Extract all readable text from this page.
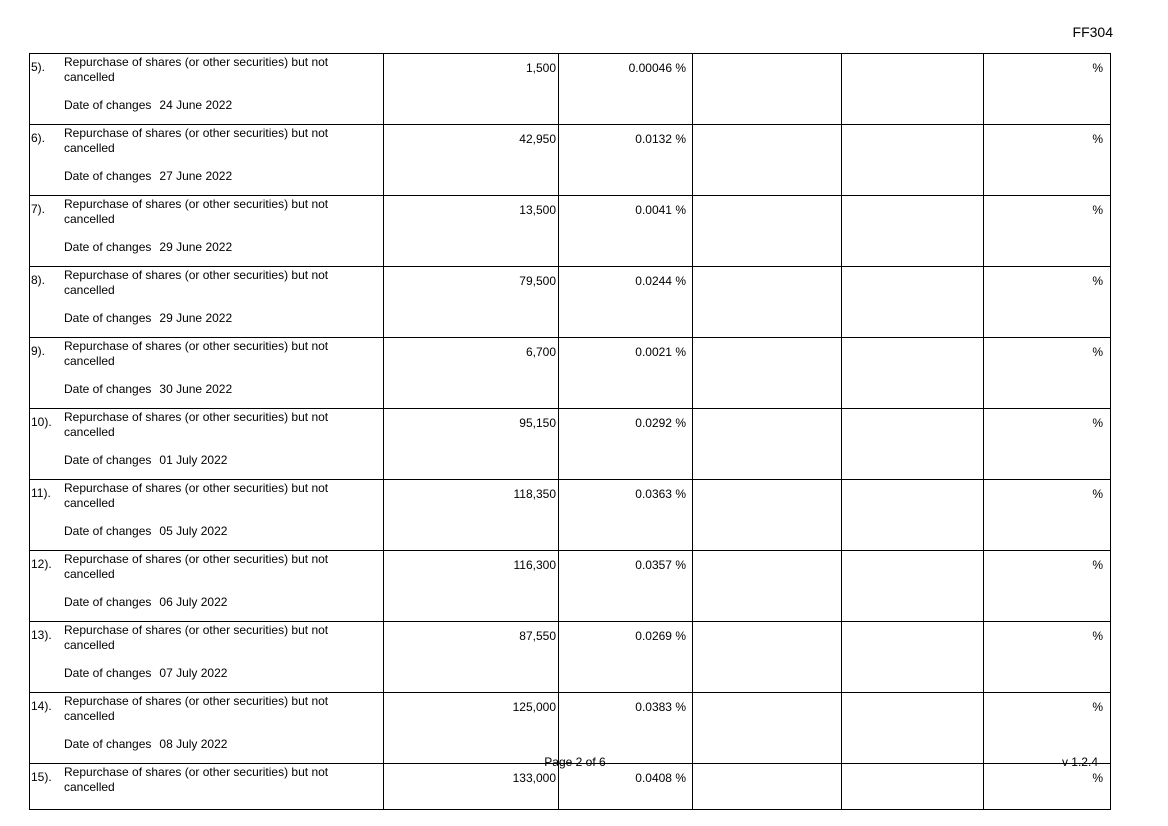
FF304
5). Repurchase of shares (or other securities) but not cancelled
Date of changes 24 June 2022	1,500	0.00046 %			%

6). Repurchase of shares (or other securities) but not cancelled
Date of changes 27 June 2022	42,950	0.0132 %			%

7). Repurchase of shares (or other securities) but not cancelled
Date of changes 29 June 2022	13,500	0.0041 %			%

8). Repurchase of shares (or other securities) but not cancelled
Date of changes 29 June 2022	79,500	0.0244 %			%

9). Repurchase of shares (or other securities) but not cancelled
Date of changes 30 June 2022	6,700	0.0021 %			%

10). Repurchase of shares (or other securities) but not cancelled
Date of changes 01 July 2022	95,150	0.0292 %			%

11). Repurchase of shares (or other securities) but not cancelled
Date of changes 05 July 2022	118,350	0.0363 %			%

12). Repurchase of shares (or other securities) but not cancelled
Date of changes 06 July 2022	116,300	0.0357 %			%

13). Repurchase of shares (or other securities) but not cancelled
Date of changes 07 July 2022	87,550	0.0269 %			%

14). Repurchase of shares (or other securities) but not cancelled
Date of changes 08 July 2022	125,000	0.0383 %			%

15). Repurchase of shares (or other securities) but not cancelled	133,000	0.0408 %			%
Page 2 of 6	v 1.2.4
